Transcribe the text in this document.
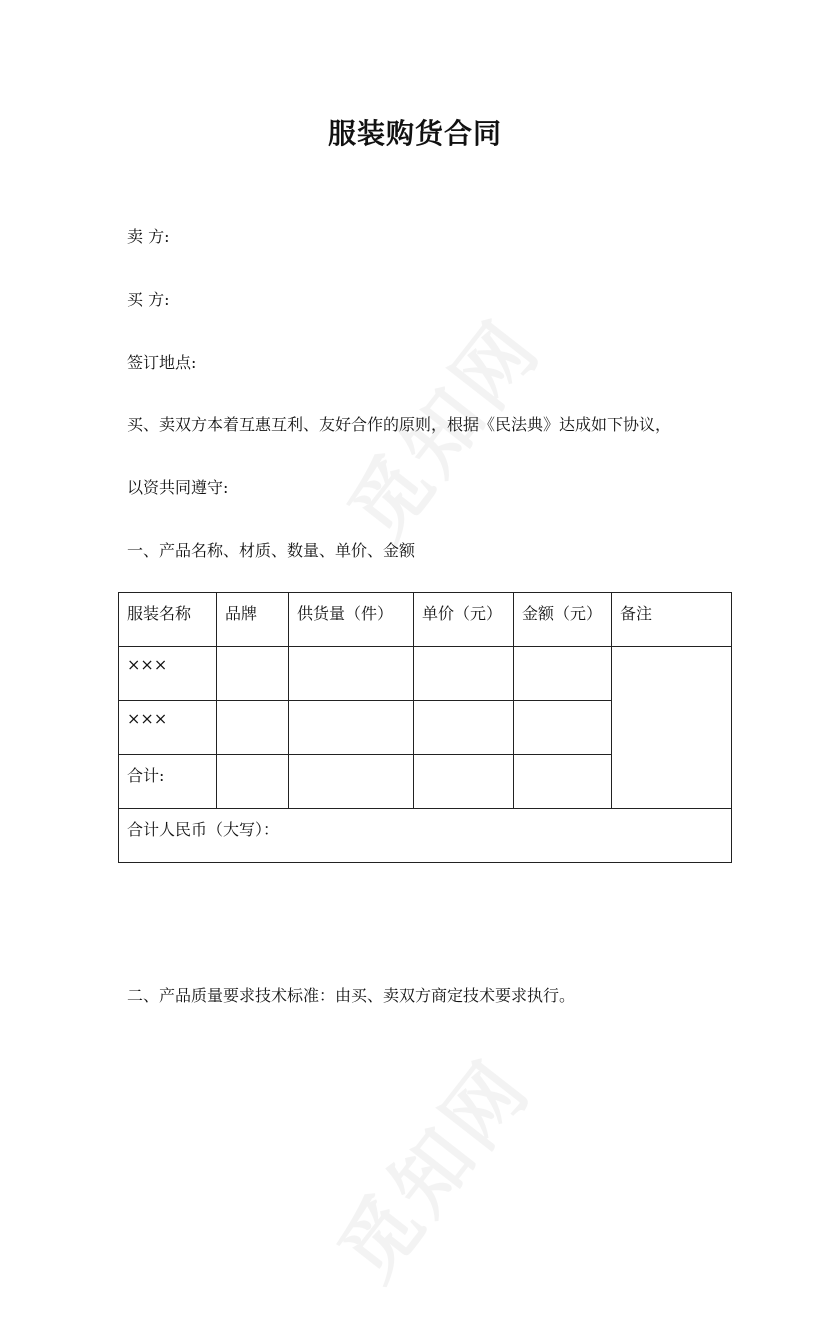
服装购货合同
卖 方:
买 方:
签订地点:
买、卖双方本着互惠互利、友好合作的原则，根据《民法典》达成如下协议，
以资共同遵守:
一、产品名称、材质、数量、单价、金额
服装名称	品牌	供货量（件）	单价（元）	金额（元）	备注
×××					
×××					
合计:					
合计人民币（大写）：					
二、产品质量要求技术标准：由买、卖双方商定技术要求执行。
